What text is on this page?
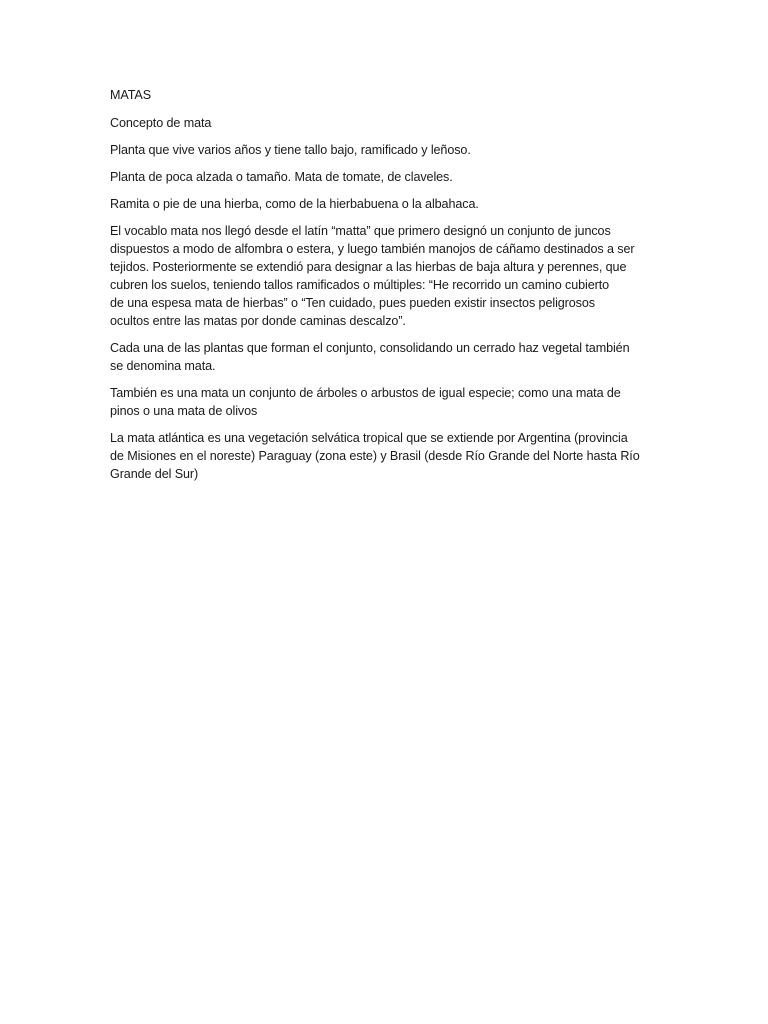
MATAS

Concepto de mata

Planta que vive varios años y tiene tallo bajo, ramificado y leñoso.

Planta de poca alzada o tamaño. Mata de tomate, de claveles.

Ramita o pie de una hierba, como de la hierbabuena o la albahaca.

El vocablo mata nos llegó desde el latín “matta” que primero designó un conjunto de juncos
dispuestos a modo de alfombra o estera, y luego también manojos de cáñamo destinados a ser
tejidos. Posteriormente se extendió para designar a las hierbas de baja altura y perennes, que
cubren los suelos, teniendo tallos ramificados o múltiples: “He recorrido un camino cubierto
de una espesa mata de hierbas” o “Ten cuidado, pues pueden existir insectos peligrosos
ocultos entre las matas por donde caminas descalzo”.

Cada una de las plantas que forman el conjunto, consolidando un cerrado haz vegetal también
se denomina mata.

También es una mata un conjunto de árboles o arbustos de igual especie; como una mata de
pinos o una mata de olivos

La mata atlántica es una vegetación selvática tropical que se extiende por Argentina (provincia
de Misiones en el noreste) Paraguay (zona este) y Brasil (desde Río Grande del Norte hasta Río
Grande del Sur)
